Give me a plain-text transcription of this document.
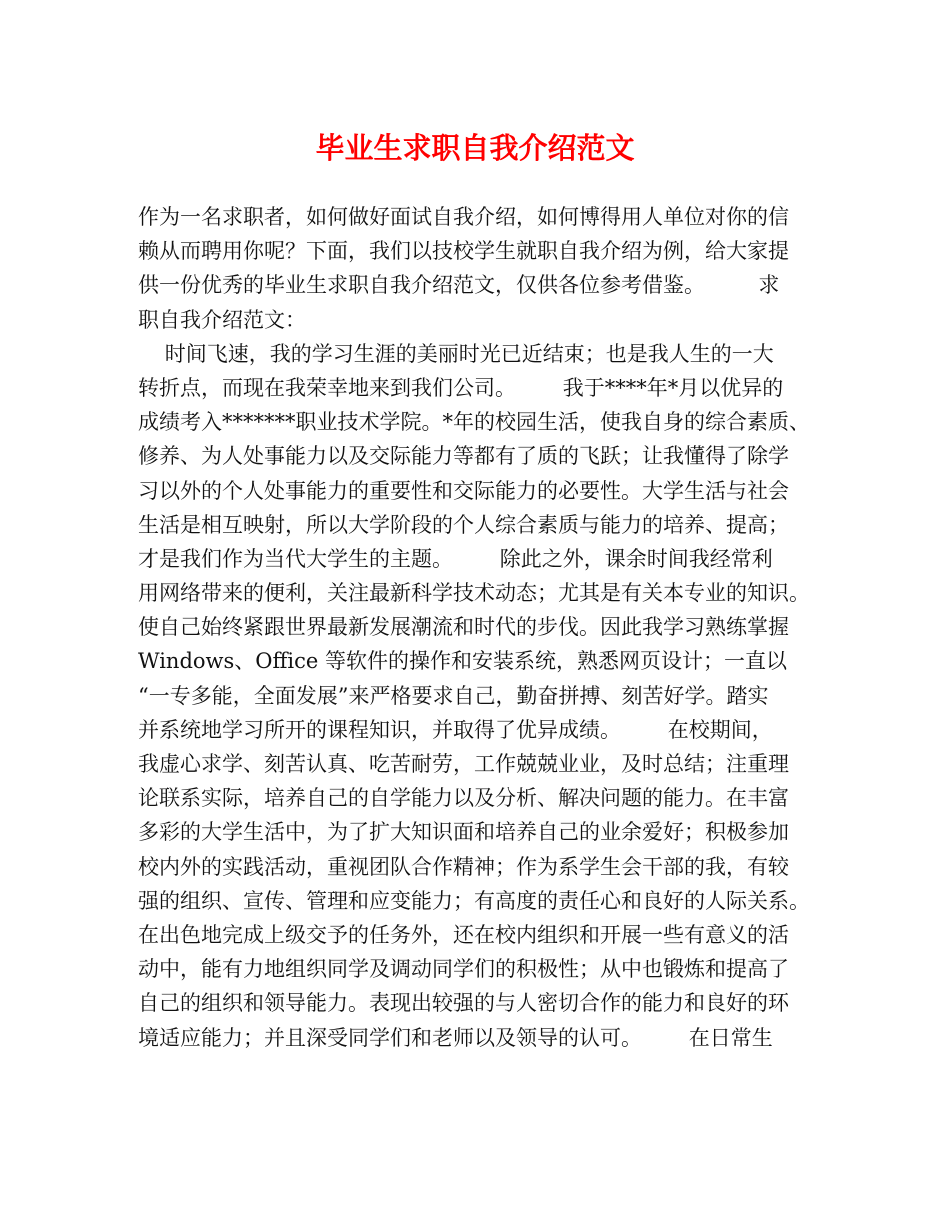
毕业生求职自我介绍范文

作为一名求职者，如何做好面试自我介绍，如何博得用人单位对你的信

赖从而聘用你呢？下面，我们以技校学生就职自我介绍为例，给大家提

供一份优秀的毕业生求职自我介绍范文，仅供各位参考借鉴。        求

职自我介绍范文：

时间飞速，我的学习生涯的美丽时光已近结束；也是我人生的一大

转折点，而现在我荣幸地来到我们公司。       我于****年*月以优异的

成绩考入*******职业技术学院。*年的校园生活，使我自身的综合素质、

修养、为人处事能力以及交际能力等都有了质的飞跃；让我懂得了除学

习以外的个人处事能力的重要性和交际能力的必要性。大学生活与社会

生活是相互映射，所以大学阶段的个人综合素质与能力的培养、提高；

才是我们作为当代大学生的主题。       除此之外，课余时间我经常利

用网络带来的便利，关注最新科学技术动态；尤其是有关本专业的知识。

使自己始终紧跟世界最新发展潮流和时代的步伐。因此我学习熟练掌握

Windows、Office 等软件的操作和安装系统，熟悉网页设计；一直以

“一专多能，全面发展”来严格要求自己，勤奋拼搏、刻苦好学。踏实

并系统地学习所开的课程知识，并取得了优异成绩。       在校期间，

我虚心求学、刻苦认真、吃苦耐劳，工作兢兢业业，及时总结；注重理

论联系实际，培养自己的自学能力以及分析、解决问题的能力。在丰富

多彩的大学生活中，为了扩大知识面和培养自己的业余爱好；积极参加

校内外的实践活动，重视团队合作精神；作为系学生会干部的我，有较

强的组织、宣传、管理和应变能力；有高度的责任心和良好的人际关系。

在出色地完成上级交予的任务外，还在校内组织和开展一些有意义的活

动中，能有力地组织同学及调动同学们的积极性；从中也锻炼和提高了

自己的组织和领导能力。表现出较强的与人密切合作的能力和良好的环

境适应能力；并且深受同学们和老师以及领导的认可。       在日常生
